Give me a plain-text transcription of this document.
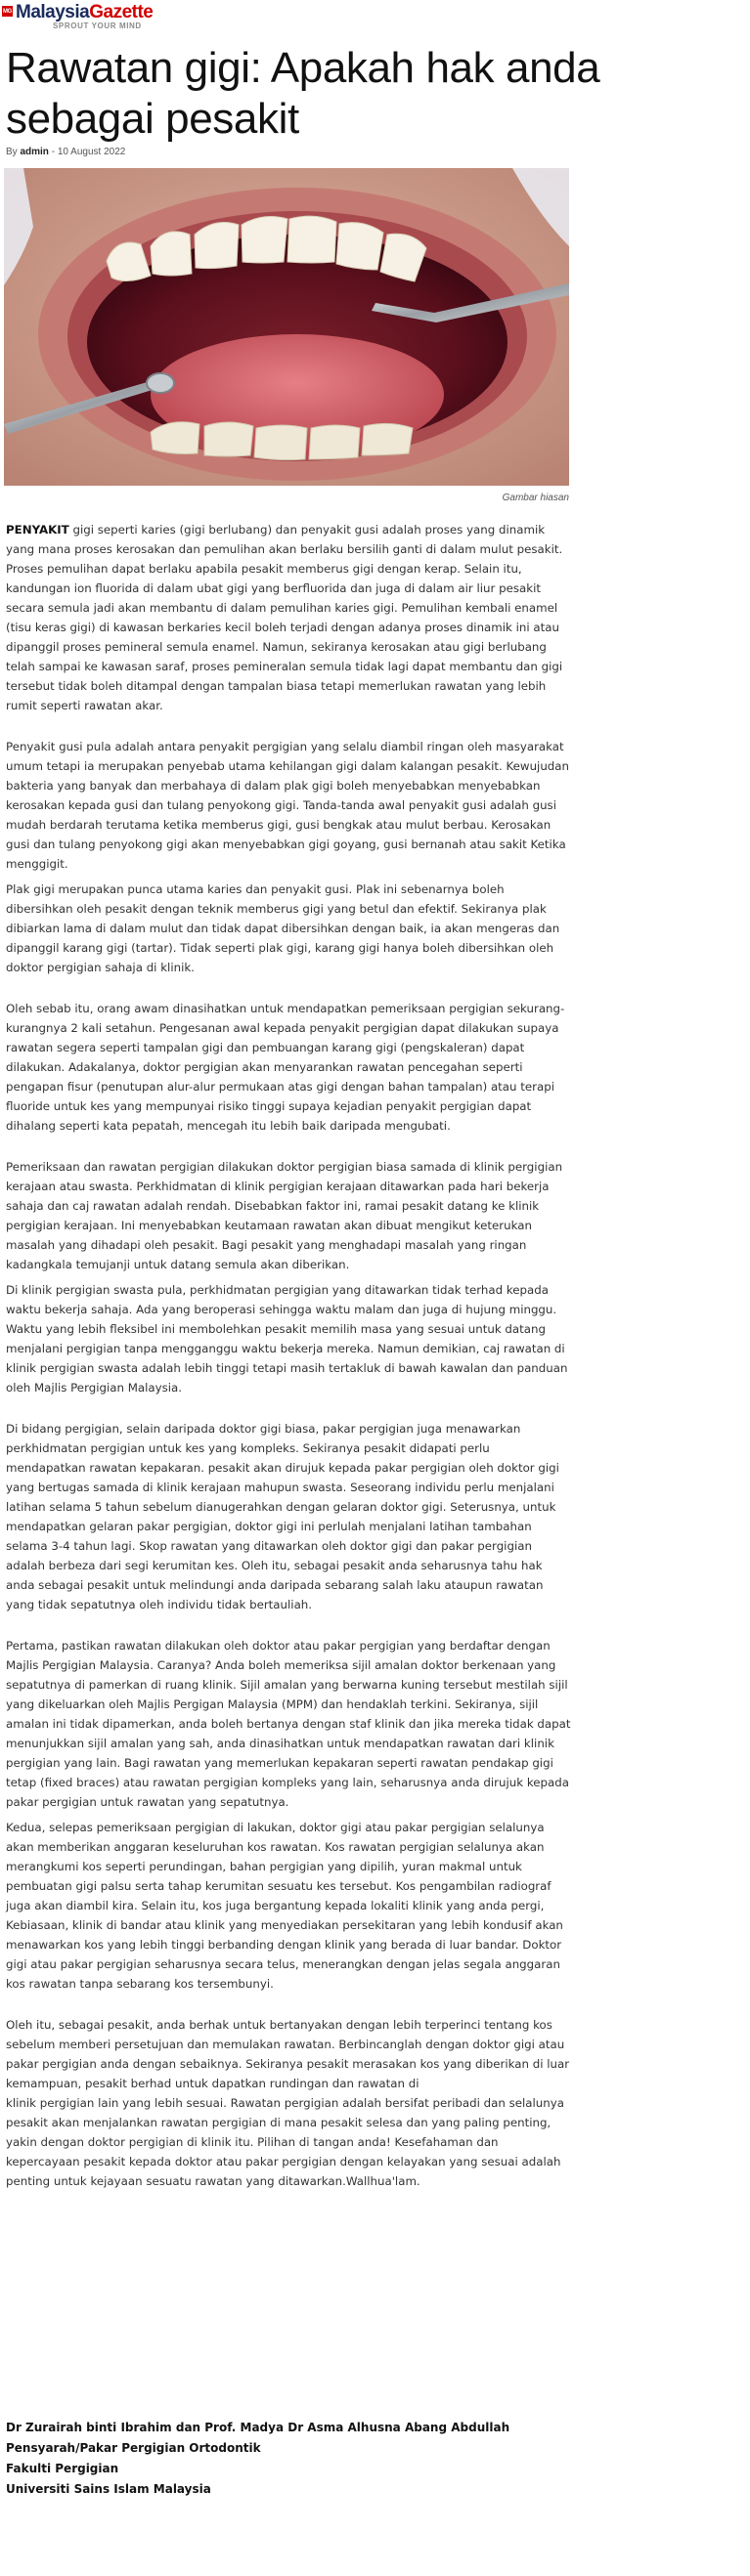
MG MalaysiaGazette
SPROUT YOUR MIND
Rawatan gigi: Apakah hak anda sebagai pesakit
By admin - 10 August 2022
Gambar hiasan

PENYAKIT gigi seperti karies (gigi berlubang) dan penyakit gusi adalah proses yang dinamik yang mana proses kerosakan dan pemulihan akan berlaku bersilih ganti di dalam mulut pesakit. Proses pemulihan dapat berlaku apabila pesakit memberus gigi dengan kerap. Selain itu, kandungan ion fluorida di dalam ubat gigi yang berfluorida dan juga di dalam air liur pesakit secara semula jadi akan membantu di dalam pemulihan karies gigi. Pemulihan kembali enamel (tisu keras gigi) di kawasan berkaries kecil boleh terjadi dengan adanya proses dinamik ini atau dipanggil proses pemineral semula enamel. Namun, sekiranya kerosakan atau gigi berlubang telah sampai ke kawasan saraf, proses pemineralan semula tidak lagi dapat membantu dan gigi tersebut tidak boleh ditampal dengan tampalan biasa tetapi memerlukan rawatan yang lebih rumit seperti rawatan akar.

Penyakit gusi pula adalah antara penyakit pergigian yang selalu diambil ringan oleh masyarakat umum tetapi ia merupakan penyebab utama kehilangan gigi dalam kalangan pesakit. Kewujudan bakteria yang banyak dan merbahaya di dalam plak gigi boleh menyebabkan menyebabkan kerosakan kepada gusi dan tulang penyokong gigi. Tanda-tanda awal penyakit gusi adalah gusi mudah berdarah terutama ketika memberus gigi, gusi bengkak atau mulut berbau. Kerosakan gusi dan tulang penyokong gigi akan menyebabkan gigi goyang, gusi bernanah atau sakit Ketika menggigit.

Plak gigi merupakan punca utama karies dan penyakit gusi. Plak ini sebenarnya boleh dibersihkan oleh pesakit dengan teknik memberus gigi yang betul dan efektif. Sekiranya plak dibiarkan lama di dalam mulut dan tidak dapat dibersihkan dengan baik, ia akan mengeras dan dipanggil karang gigi (tartar). Tidak seperti plak gigi, karang gigi hanya boleh dibersihkan oleh doktor pergigian sahaja di klinik.

Oleh sebab itu, orang awam dinasihatkan untuk mendapatkan pemeriksaan pergigian sekurang-kurangnya 2 kali setahun. Pengesanan awal kepada penyakit pergigian dapat dilakukan supaya rawatan segera seperti tampalan gigi dan pembuangan karang gigi (pengskaleran) dapat dilakukan. Adakalanya, doktor pergigian akan menyarankan rawatan pencegahan seperti pengapan fisur (penutupan alur-alur permukaan atas gigi dengan bahan tampalan) atau terapi fluoride untuk kes yang mempunyai risiko tinggi supaya kejadian penyakit pergigian dapat dihalang seperti kata pepatah, mencegah itu lebih baik daripada mengubati.

Pemeriksaan dan rawatan pergigian dilakukan doktor pergigian biasa samada di klinik pergigian kerajaan atau swasta. Perkhidmatan di klinik pergigian kerajaan ditawarkan pada hari bekerja sahaja dan caj rawatan adalah rendah. Disebabkan faktor ini, ramai pesakit datang ke klinik pergigian kerajaan. Ini menyebabkan keutamaan rawatan akan dibuat mengikut keterukan masalah yang dihadapi oleh pesakit. Bagi pesakit yang menghadapi masalah yang ringan kadangkala temujanji untuk datang semula akan diberikan.

Di klinik pergigian swasta pula, perkhidmatan pergigian yang ditawarkan tidak terhad kepada waktu bekerja sahaja. Ada yang beroperasi sehingga waktu malam dan juga di hujung minggu. Waktu yang lebih fleksibel ini membolehkan pesakit memilih masa yang sesuai untuk datang menjalani pergigian tanpa mengganggu waktu bekerja mereka. Namun demikian, caj rawatan di klinik pergigian swasta adalah lebih tinggi tetapi masih tertakluk di bawah kawalan dan panduan oleh Majlis Pergigian Malaysia.

Di bidang pergigian, selain daripada doktor gigi biasa, pakar pergigian juga menawarkan perkhidmatan pergigian untuk kes yang kompleks. Sekiranya pesakit didapati perlu mendapatkan rawatan kepakaran. pesakit akan dirujuk kepada pakar pergigian oleh doktor gigi yang bertugas samada di klinik kerajaan mahupun swasta. Seseorang individu perlu menjalani latihan selama 5 tahun sebelum dianugerahkan dengan gelaran doktor gigi. Seterusnya, untuk mendapatkan gelaran pakar pergigian, doktor gigi ini perlulah menjalani latihan tambahan selama 3-4 tahun lagi. Skop rawatan yang ditawarkan oleh doktor gigi dan pakar pergigian adalah berbeza dari segi kerumitan kes. Oleh itu, sebagai pesakit anda seharusnya tahu hak anda sebagai pesakit untuk melindungi anda daripada sebarang salah laku ataupun rawatan yang tidak sepatutnya oleh individu tidak bertauliah.

Pertama, pastikan rawatan dilakukan oleh doktor atau pakar pergigian yang berdaftar dengan Majlis Pergigian Malaysia. Caranya? Anda boleh memeriksa sijil amalan doktor berkenaan yang sepatutnya di pamerkan di ruang klinik. Sijil amalan yang berwarna kuning tersebut mestilah sijil yang dikeluarkan oleh Majlis Pergigan Malaysia (MPM) dan hendaklah terkini. Sekiranya, sijil amalan ini tidak dipamerkan, anda boleh bertanya dengan staf klinik dan jika mereka tidak dapat menunjukkan sijil amalan yang sah, anda dinasihatkan untuk mendapatkan rawatan dari klinik pergigian yang lain. Bagi rawatan yang memerlukan kepakaran seperti rawatan pendakap gigi tetap (fixed braces) atau rawatan pergigian kompleks yang lain, seharusnya anda dirujuk kepada pakar pergigian untuk rawatan yang sepatutnya.

Kedua, selepas pemeriksaan pergigian di lakukan, doktor gigi atau pakar pergigian selalunya akan memberikan anggaran keseluruhan kos rawatan. Kos rawatan pergigian selalunya akan merangkumi kos seperti perundingan, bahan pergigian yang dipilih, yuran makmal untuk pembuatan gigi palsu serta tahap kerumitan sesuatu kes tersebut. Kos pengambilan radiograf juga akan diambil kira. Selain itu, kos juga bergantung kepada lokaliti klinik yang anda pergi, Kebiasaan, klinik di bandar atau klinik yang menyediakan persekitaran yang lebih kondusif akan menawarkan kos yang lebih tinggi berbanding dengan klinik yang berada di luar bandar. Doktor gigi atau pakar pergigian seharusnya secara telus, menerangkan dengan jelas segala anggaran kos rawatan tanpa sebarang kos tersembunyi.

Oleh itu, sebagai pesakit, anda berhak untuk bertanyakan dengan lebih terperinci tentang kos sebelum memberi persetujuan dan memulakan rawatan. Berbincanglah dengan doktor gigi atau pakar pergigian anda dengan sebaiknya. Sekiranya pesakit merasakan kos yang diberikan di luar kemampuan, pesakit berhad untuk dapatkan rundingan dan rawatan di

klinik pergigian lain yang lebih sesuai. Rawatan pergigian adalah bersifat peribadi dan selalunya pesakit akan menjalankan rawatan pergigian di mana pesakit selesa dan yang paling penting, yakin dengan doktor pergigian di klinik itu. Pilihan di tangan anda! Kesefahaman dan kepercayaan pesakit kepada doktor atau pakar pergigian dengan kelayakan yang sesuai adalah penting untuk kejayaan sesuatu rawatan yang ditawarkan.Wallhua'lam.

Dr Zurairah binti Ibrahim dan Prof. Madya Dr Asma Alhusna Abang Abdullah

Pensyarah/Pakar Pergigian Ortodontik

Fakulti Pergigian

Universiti Sains Islam Malaysia
